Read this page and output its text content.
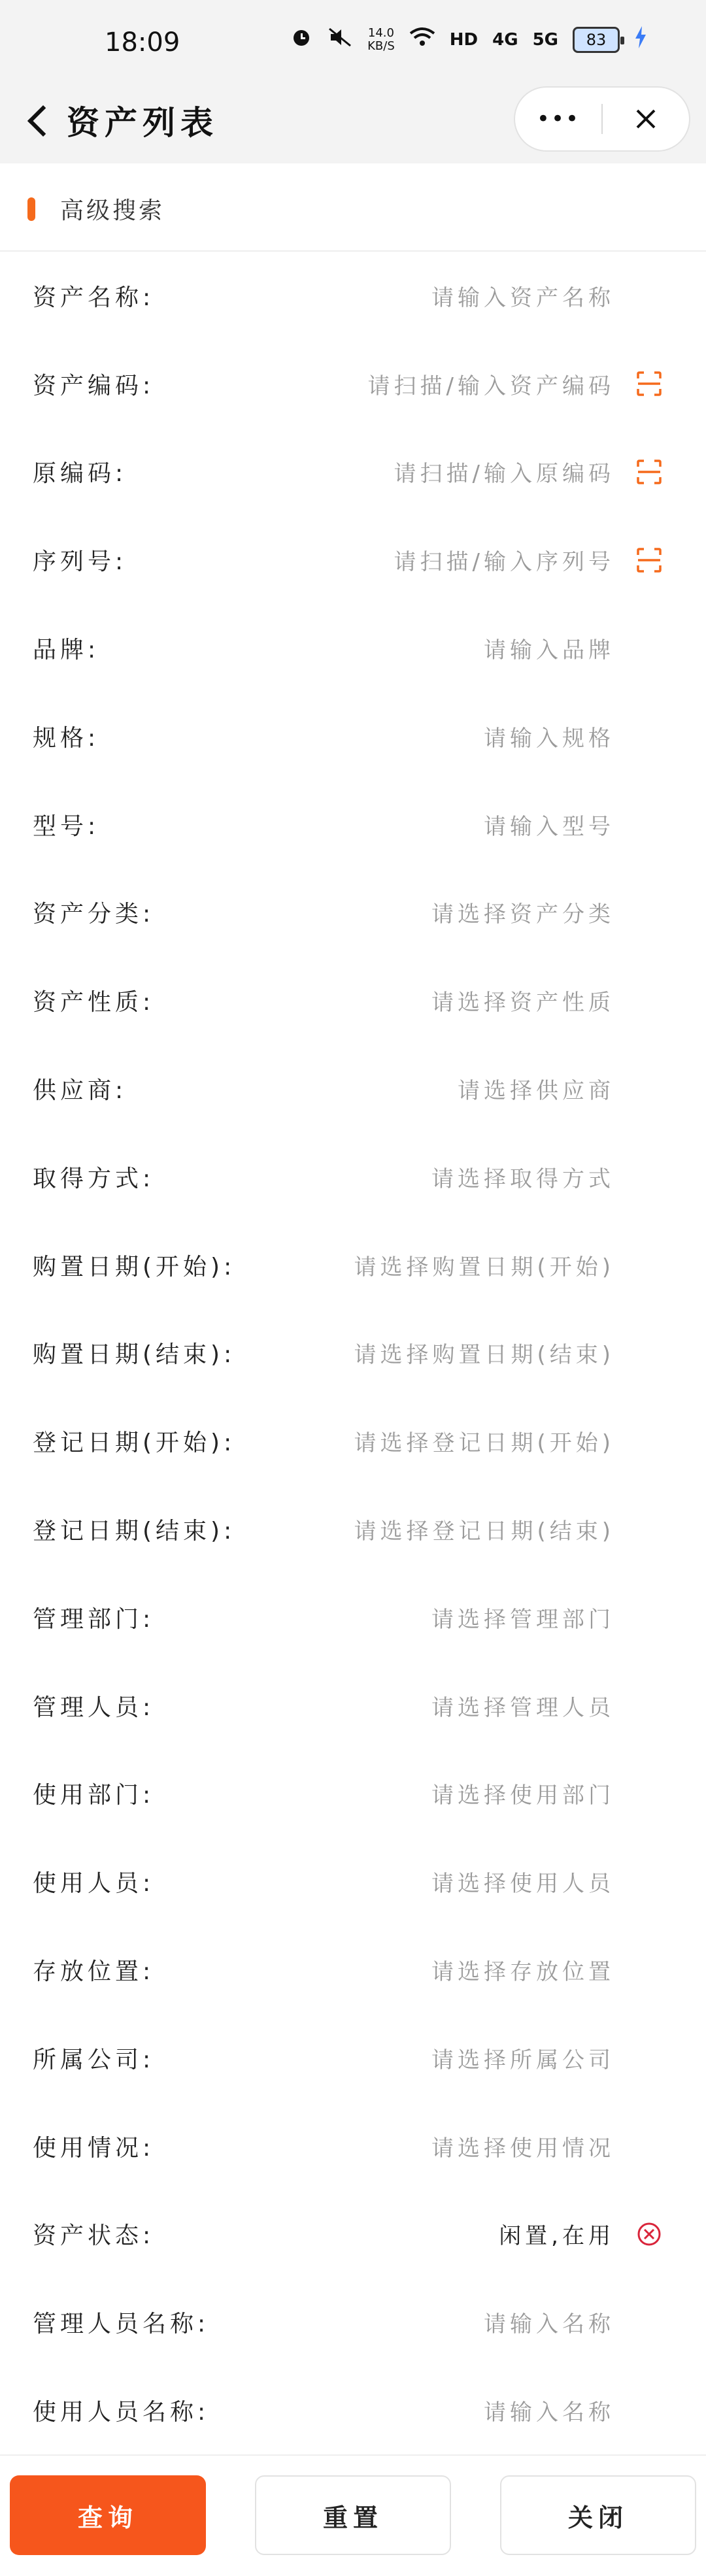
18:09	14.0
KB/S	HD 4G 5G 83
资产列表	•••
高级搜索
资产名称:	请输入资产名称
资产编码:	请扫描/输入资产编码
原编码:	请扫描/输入原编码
序列号:	请扫描/输入序列号
品牌:	请输入品牌
规格:	请输入规格
型号:	请输入型号
资产分类:	请选择资产分类
资产性质:	请选择资产性质
供应商:	请选择供应商
取得方式:	请选择取得方式
购置日期(开始):	请选择购置日期(开始)
购置日期(结束):	请选择购置日期(结束)
登记日期(开始):	请选择登记日期(开始)
登记日期(结束):	请选择登记日期(结束)
管理部门:	请选择管理部门
管理人员:	请选择管理人员
使用部门:	请选择使用部门
使用人员:	请选择使用人员
存放位置:	请选择存放位置
所属公司:	请选择所属公司
使用情况:	请选择使用情况
资产状态:	闲置,在用
管理人员名称:	请输入名称
使用人员名称:	请输入名称
查询	重置	关闭
